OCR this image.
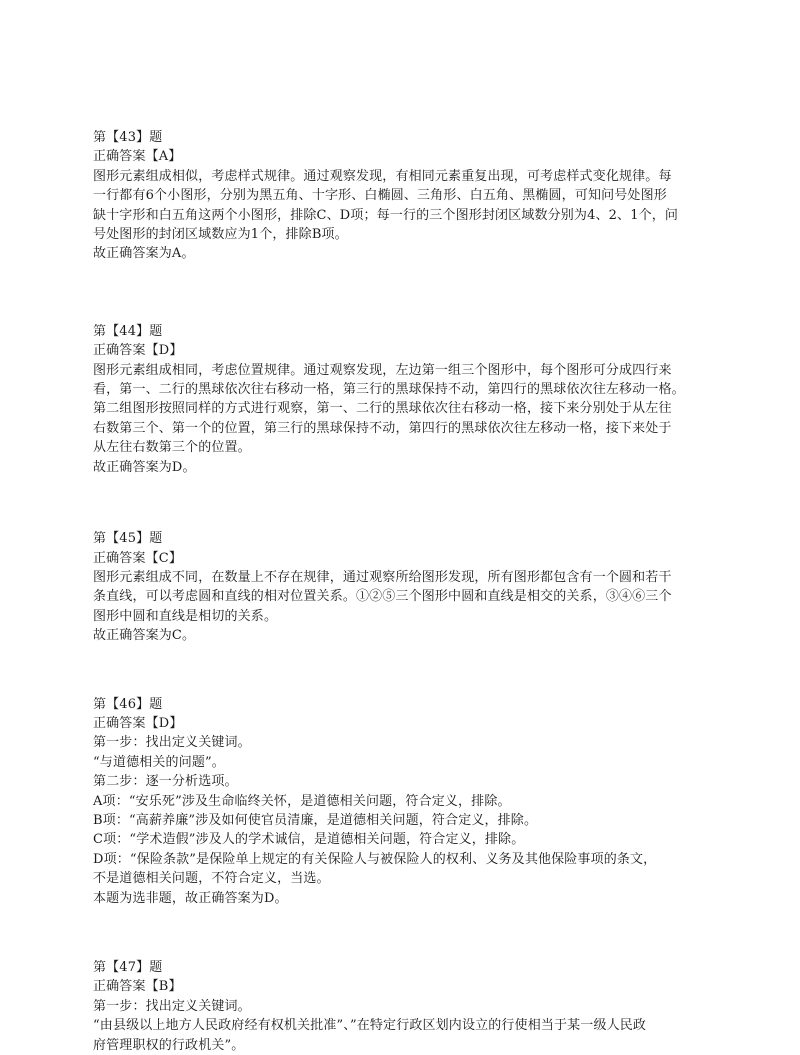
第【43】题
正确答案【A】
图形元素组成相似，考虑样式规律。通过观察发现，有相同元素重复出现，可考虑样式变化规律。每
一行都有6个小图形，分别为黑五角、十字形、白椭圆、三角形、白五角、黑椭圆，可知问号处图形
缺十字形和白五角这两个小图形，排除C、D项；每一行的三个图形封闭区域数分别为4、2、1个，问
号处图形的封闭区域数应为1个，排除B项。
故正确答案为A。
第【44】题
正确答案【D】
图形元素组成相同，考虑位置规律。通过观察发现，左边第一组三个图形中，每个图形可分成四行来
看，第一、二行的黑球依次往右移动一格，第三行的黑球保持不动，第四行的黑球依次往左移动一格。
第二组图形按照同样的方式进行观察，第一、二行的黑球依次往右移动一格，接下来分别处于从左往
右数第三个、第一个的位置，第三行的黑球保持不动，第四行的黑球依次往左移动一格，接下来处于
从左往右数第三个的位置。
故正确答案为D。
第【45】题
正确答案【C】
图形元素组成不同，在数量上不存在规律，通过观察所给图形发现，所有图形都包含有一个圆和若干
条直线，可以考虑圆和直线的相对位置关系。①②⑤三个图形中圆和直线是相交的关系，③④⑥三个
图形中圆和直线是相切的关系。
故正确答案为C。
第【46】题
正确答案【D】
第一步：找出定义关键词。
“与道德相关的问题”。
第二步：逐一分析选项。
A项：“安乐死”涉及生命临终关怀，是道德相关问题，符合定义，排除。
B项：“高薪养廉”涉及如何使官员清廉，是道德相关问题，符合定义，排除。
C项：“学术造假”涉及人的学术诚信，是道德相关问题，符合定义，排除。
D项：“保险条款”是保险单上规定的有关保险人与被保险人的权利、义务及其他保险事项的条文，
不是道德相关问题，不符合定义，当选。
本题为选非题，故正确答案为D。
第【47】题
正确答案【B】
第一步：找出定义关键词。
“由县级以上地方人民政府经有权机关批准”、”在特定行政区划内设立的行使相当于某一级人民政
府管理职权的行政机关”。
